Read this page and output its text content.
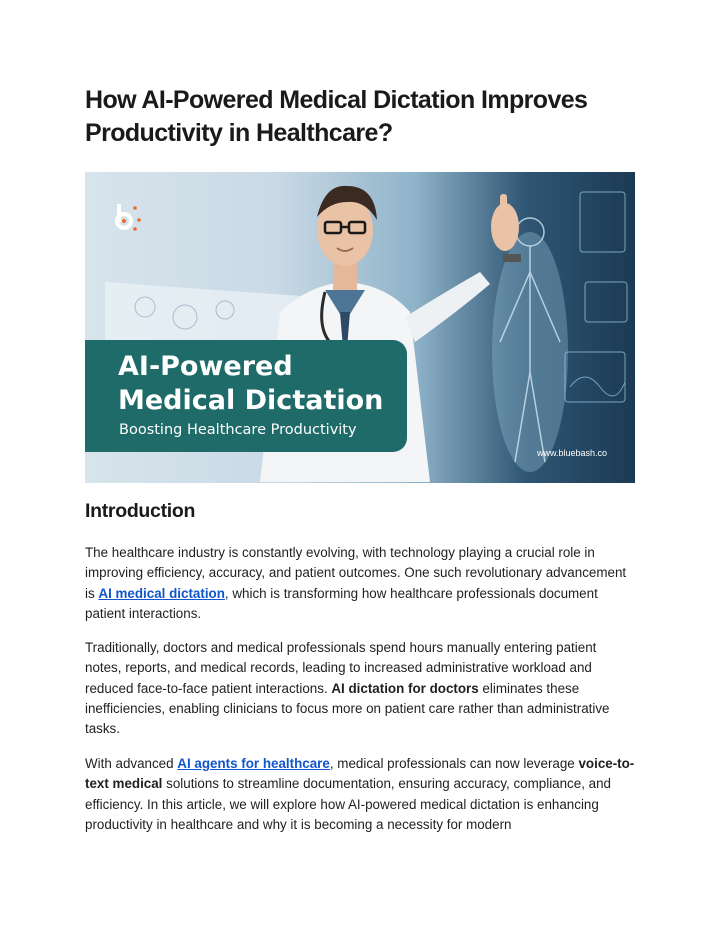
How AI-Powered Medical Dictation Improves Productivity in Healthcare?
AI-Powered
Medical Dictation
Boosting Healthcare Productivity
www.bluebash.co
Introduction

The healthcare industry is constantly evolving, with technology playing a crucial role in improving efficiency, accuracy, and patient outcomes. One such revolutionary advancement is AI medical dictation, which is transforming how healthcare professionals document patient interactions.

Traditionally, doctors and medical professionals spend hours manually entering patient notes, reports, and medical records, leading to increased administrative workload and reduced face-to-face patient interactions. AI dictation for doctors eliminates these inefficiencies, enabling clinicians to focus more on patient care rather than administrative tasks.

With advanced AI agents for healthcare, medical professionals can now leverage voice-to-text medical solutions to streamline documentation, ensuring accuracy, compliance, and efficiency. In this article, we will explore how AI-powered medical dictation is enhancing productivity in healthcare and why it is becoming a necessity for modern
